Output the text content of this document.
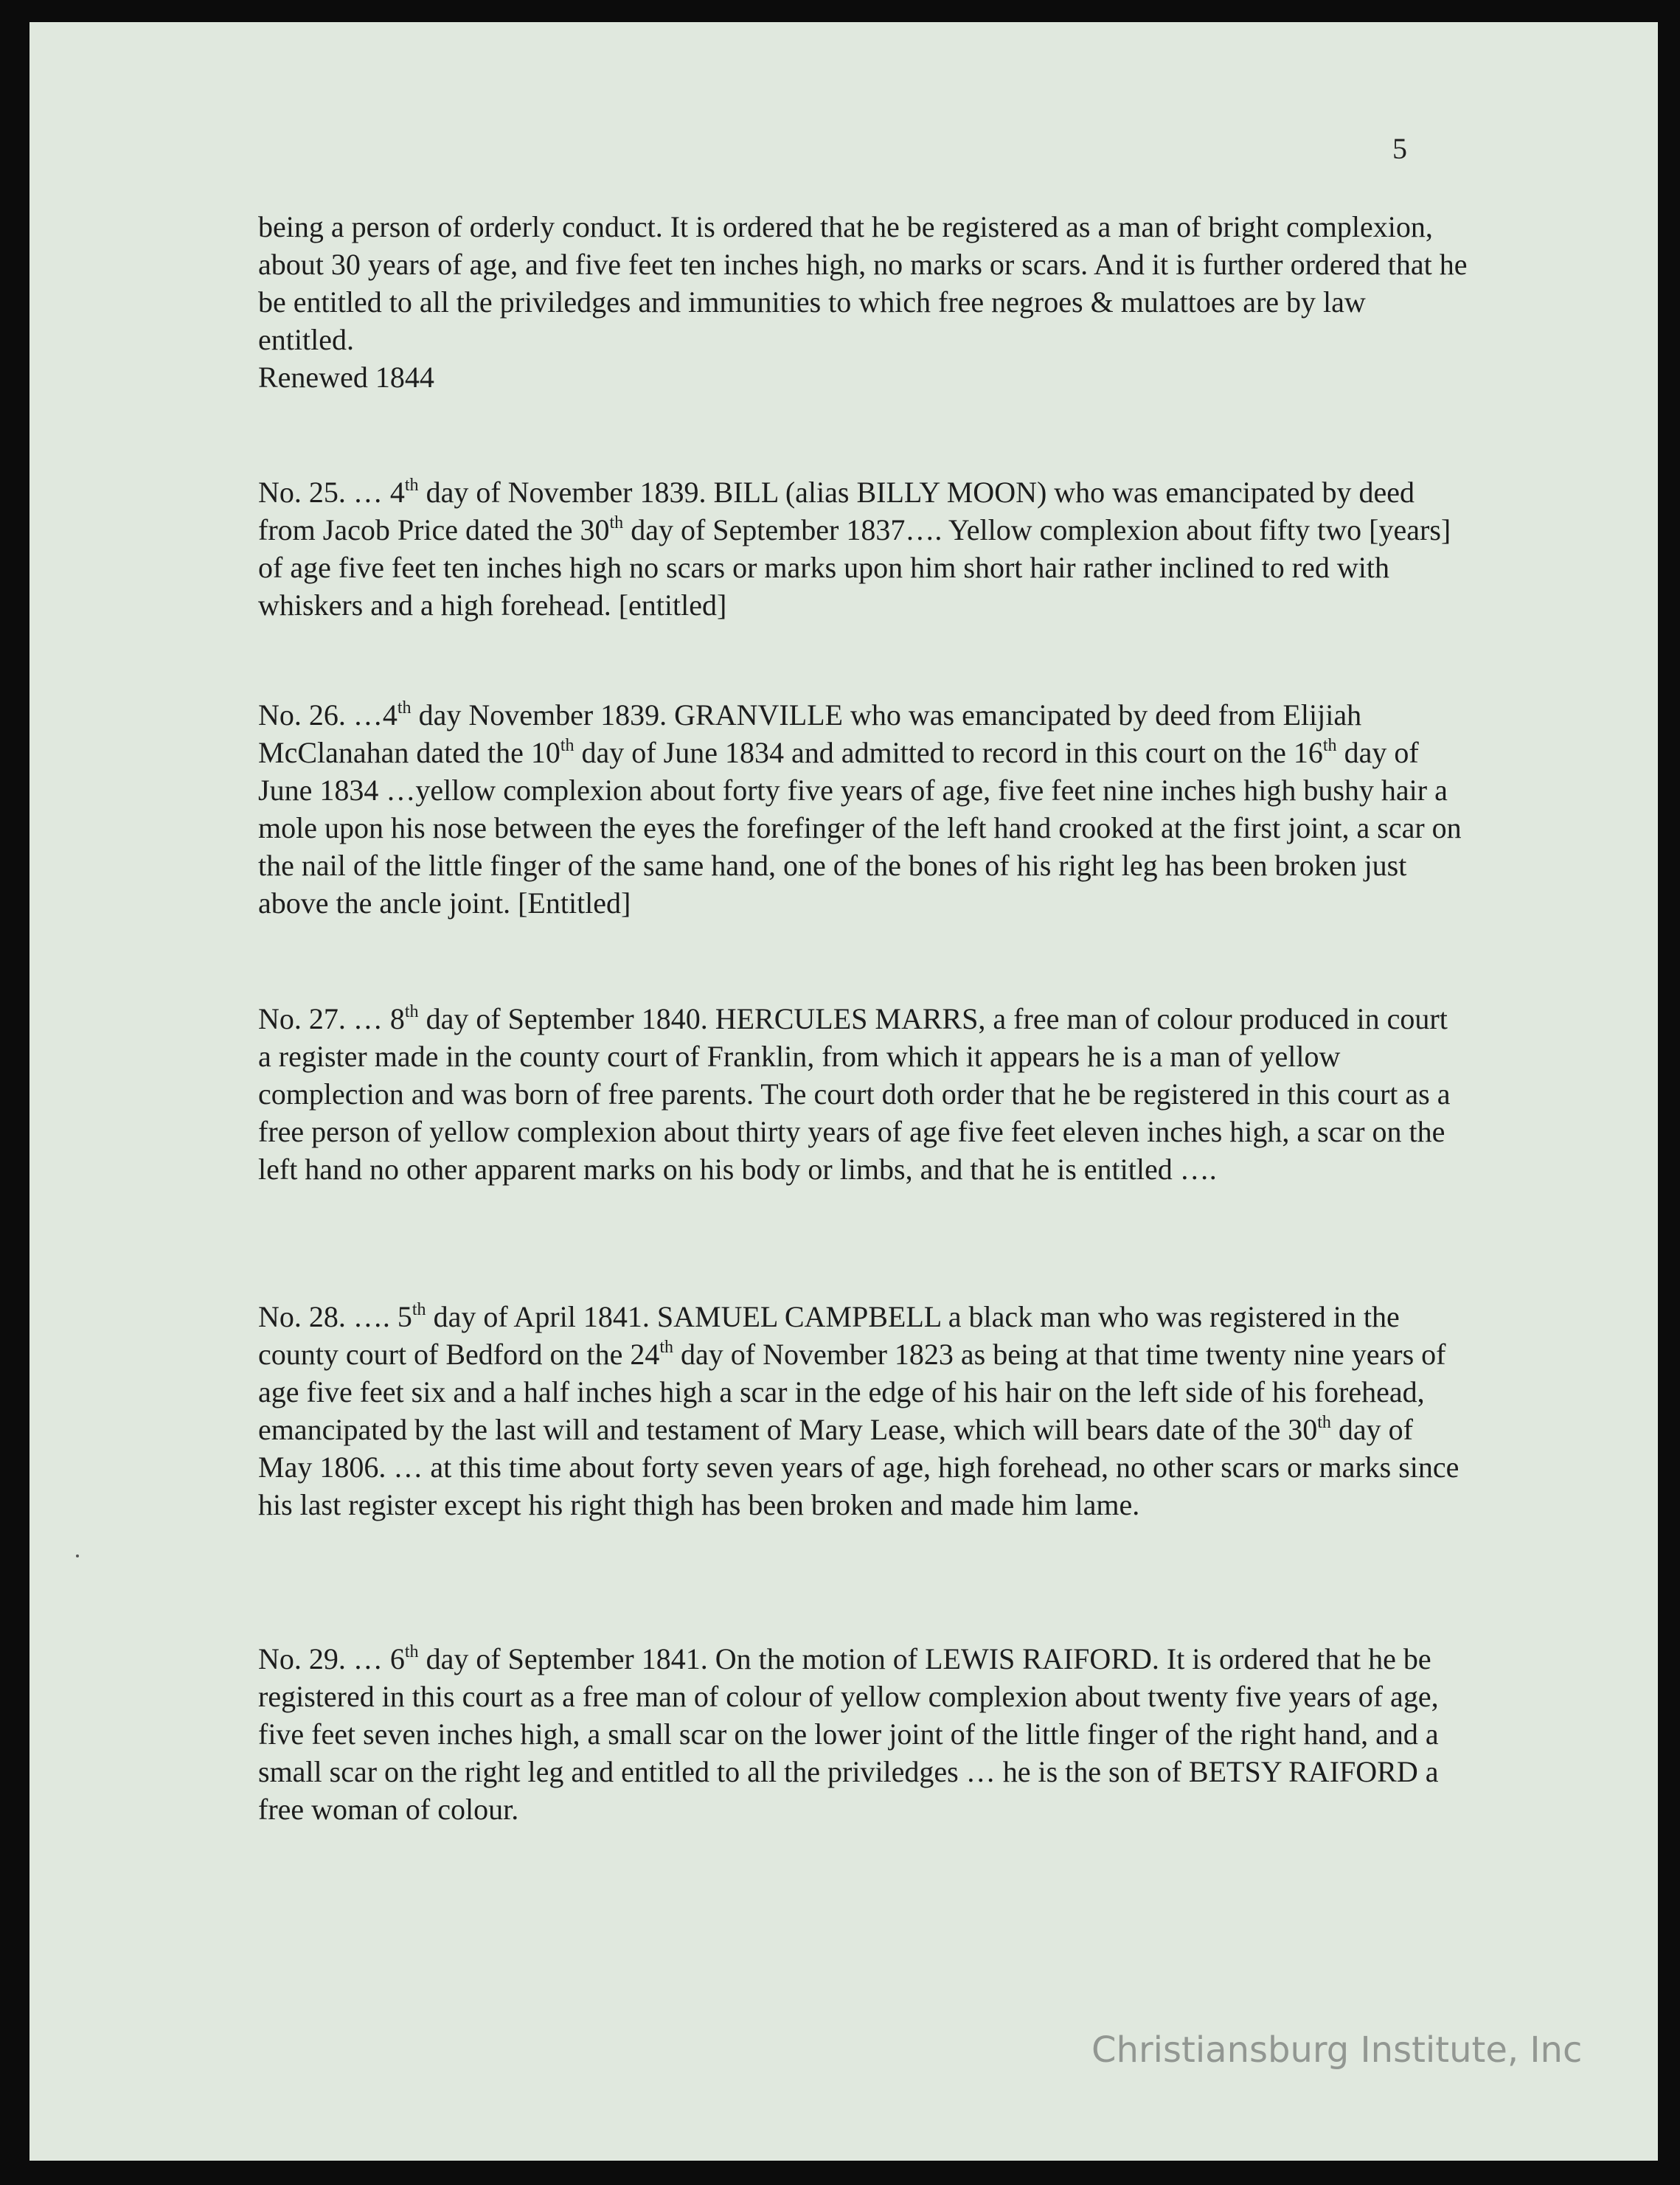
5

being a person of orderly conduct. It is ordered that he be registered as a man of bright complexion, about 30 years of age, and five feet ten inches high, no marks or scars. And it is further ordered that he be entitled to all the priviledges and immunities to which free negroes & mulattoes are by law entitled.

Renewed 1844

No. 25. … 4th day of November 1839. BILL (alias BILLY MOON) who was emancipated by deed from Jacob Price dated the 30th day of September 1837…. Yellow complexion about fifty two [years] of age five feet ten inches high no scars or marks upon him short hair rather inclined to red with whiskers and a high forehead. [entitled]

No. 26. …4th day November 1839. GRANVILLE who was emancipated by deed from Elijiah McClanahan dated the 10th day of June 1834 and admitted to record in this court on the 16th day of June 1834 …yellow complexion about forty five years of age, five feet nine inches high bushy hair a mole upon his nose between the eyes the forefinger of the left hand crooked at the first joint, a scar on the nail of the little finger of the same hand, one of the bones of his right leg has been broken just above the ancle joint. [Entitled]

No. 27. … 8th day of September 1840. HERCULES MARRS, a free man of colour produced in court a register made in the county court of Franklin, from which it appears he is a man of yellow complection and was born of free parents. The court doth order that he be registered in this court as a free person of yellow complexion about thirty years of age five feet eleven inches high, a scar on the left hand no other apparent marks on his body or limbs, and that he is entitled ….

No. 28. …. 5th day of April 1841. SAMUEL CAMPBELL a black man who was registered in the county court of Bedford on the 24th day of November 1823 as being at that time twenty nine years of age five feet six and a half inches high a scar in the edge of his hair on the left side of his forehead, emancipated by the last will and testament of Mary Lease, which will bears date of the 30th day of May 1806. … at this time about forty seven years of age, high forehead, no other scars or marks since his last register except his right thigh has been broken and made him lame.

No. 29. … 6th day of September 1841. On the motion of LEWIS RAIFORD. It is ordered that he be registered in this court as a free man of colour of yellow complexion about twenty five years of age, five feet seven inches high, a small scar on the lower joint of the little finger of the right hand, and a small scar on the right leg and entitled to all the priviledges … he is the son of BETSY RAIFORD a free woman of colour.

Christiansburg Institute, Inc
